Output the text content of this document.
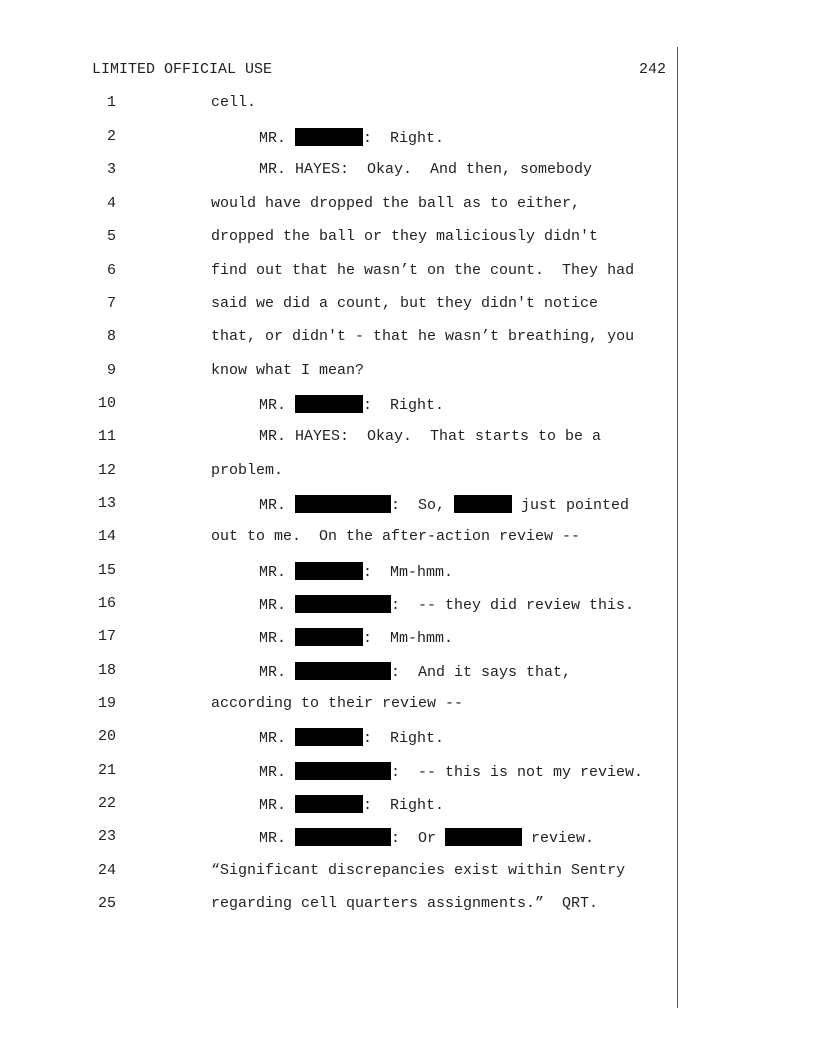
LIMITED OFFICIAL USE	242
1	cell.
2	MR.	:  Right.
3	MR. HAYES:  Okay.  And then, somebody
4	would have dropped the ball as to either,
5	dropped the ball or they maliciously didn't
6	find out that he wasn’t on the count.  They had
7	said we did a count, but they didn't notice
8	that, or didn't - that he wasn’t breathing, you
9	know what I mean?
10	MR.	:  Right.
11	MR. HAYES:  Okay.  That starts to be a
12	problem.
13	MR.	:  So,	just pointed
14	out to me.  On the after-action review --
15	MR.	:  Mm-hmm.
16	MR.	:  -- they did review this.
17	MR.	:  Mm-hmm.
18	MR.	:  And it says that,
19	according to their review --
20	MR.	:  Right.
21	MR.	:  -- this is not my review.
22	MR.	:  Right.
23	MR.	:  Or	review.
24	“Significant discrepancies exist within Sentry
25	regarding cell quarters assignments.”  QRT.
